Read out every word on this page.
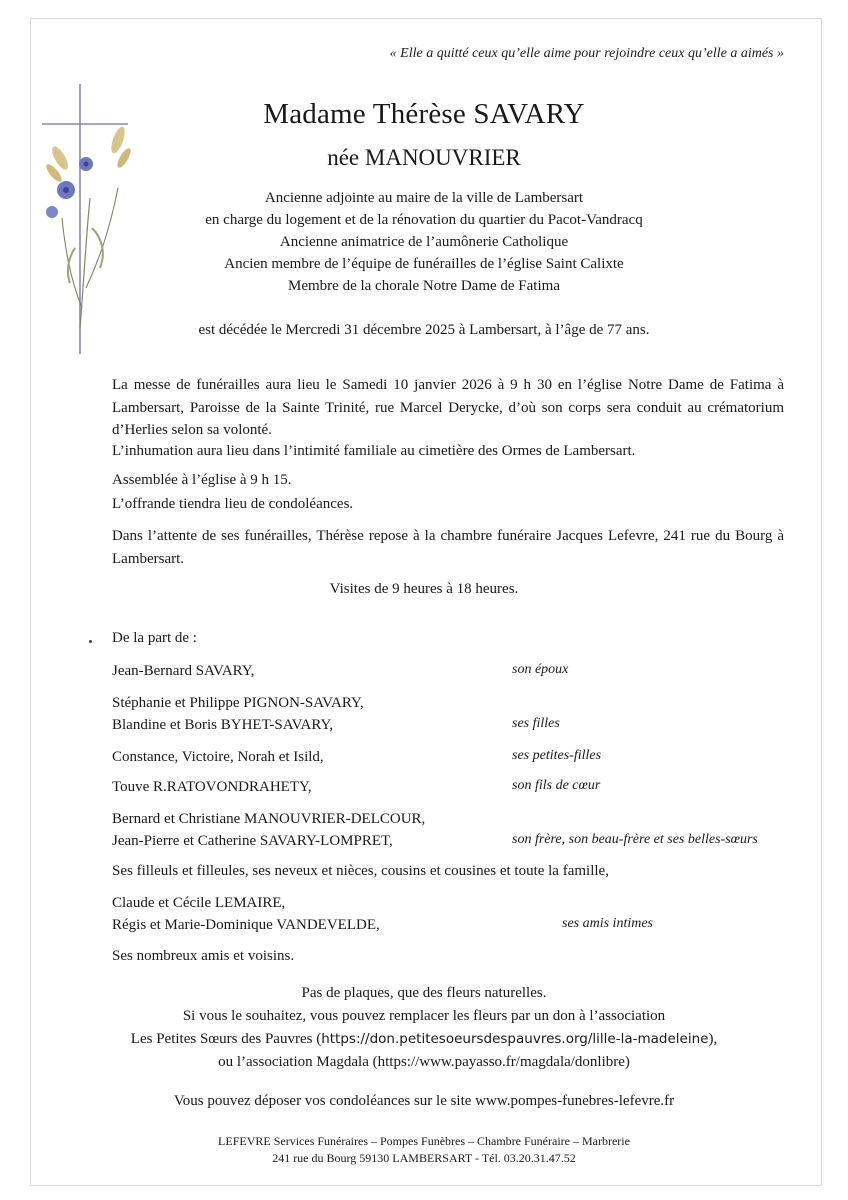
« Elle a quitté ceux qu’elle aime pour rejoindre ceux qu’elle a aimés »

Madame Thérèse SAVARY

née MANOUVRIER

Ancienne adjointe au maire de la ville de Lambersart
en charge du logement et de la rénovation du quartier du Pacot-Vandracq
Ancienne animatrice de l’aumônerie Catholique
Ancien membre de l’équipe de funérailles de l’église Saint Calixte
Membre de la chorale Notre Dame de Fatima

est décédée le Mercredi 31 décembre 2025 à Lambersart, à l’âge de 77 ans.

La messe de funérailles aura lieu le Samedi 10 janvier 2026 à 9 h 30 en l’église Notre Dame de Fatima à Lambersart, Paroisse de la Sainte Trinité, rue Marcel Derycke, d’où son corps sera conduit au crématorium d’Herlies selon sa volonté.

L’inhumation aura lieu dans l’intimité familiale au cimetière des Ormes de Lambersart.

Assemblée à l’église à 9 h 15.

L’offrande tiendra lieu de condoléances.

Dans l’attente de ses funérailles, Thérèse repose à la chambre funéraire Jacques Lefevre, 241 rue du Bourg à Lambersart.

Visites de 9 heures à 18 heures.

De la part de :

Jean-Bernard SAVARY,	son époux
Stéphanie et Philippe PIGNON-SAVARY,
Blandine et Boris BYHET-SAVARY,	ses filles
Constance, Victoire, Norah et Isild,	ses petites-filles
Touve R.RATOVONDRAHETY,	son fils de cœur
Bernard et Christiane MANOUVRIER-DELCOUR,
Jean-Pierre et Catherine SAVARY-LOMPRET,	son frère, son beau-frère et ses belles-sœurs
Ses filleuls et filleules, ses neveux et nièces, cousins et cousines et toute la famille,
Claude et Cécile LEMAIRE,
Régis et Marie-Dominique VANDEVELDE,	ses amis intimes
Ses nombreux amis et voisins.
Pas de plaques, que des fleurs naturelles.
Si vous le souhaitez, vous pouvez remplacer les fleurs par un don à l’association
Les Petites Sœurs des Pauvres (https://don.petitesoeursdespauvres.org/lille-la-madeleine),
ou l’association Magdala (https://www.payasso.fr/magdala/donlibre)

Vous pouvez déposer vos condoléances sur le site www.pompes-funebres-lefevre.fr

LEFEVRE Services Funéraires – Pompes Funèbres – Chambre Funéraire – Marbrerie
241 rue du Bourg 59130 LAMBERSART - Tél. 03.20.31.47.52
